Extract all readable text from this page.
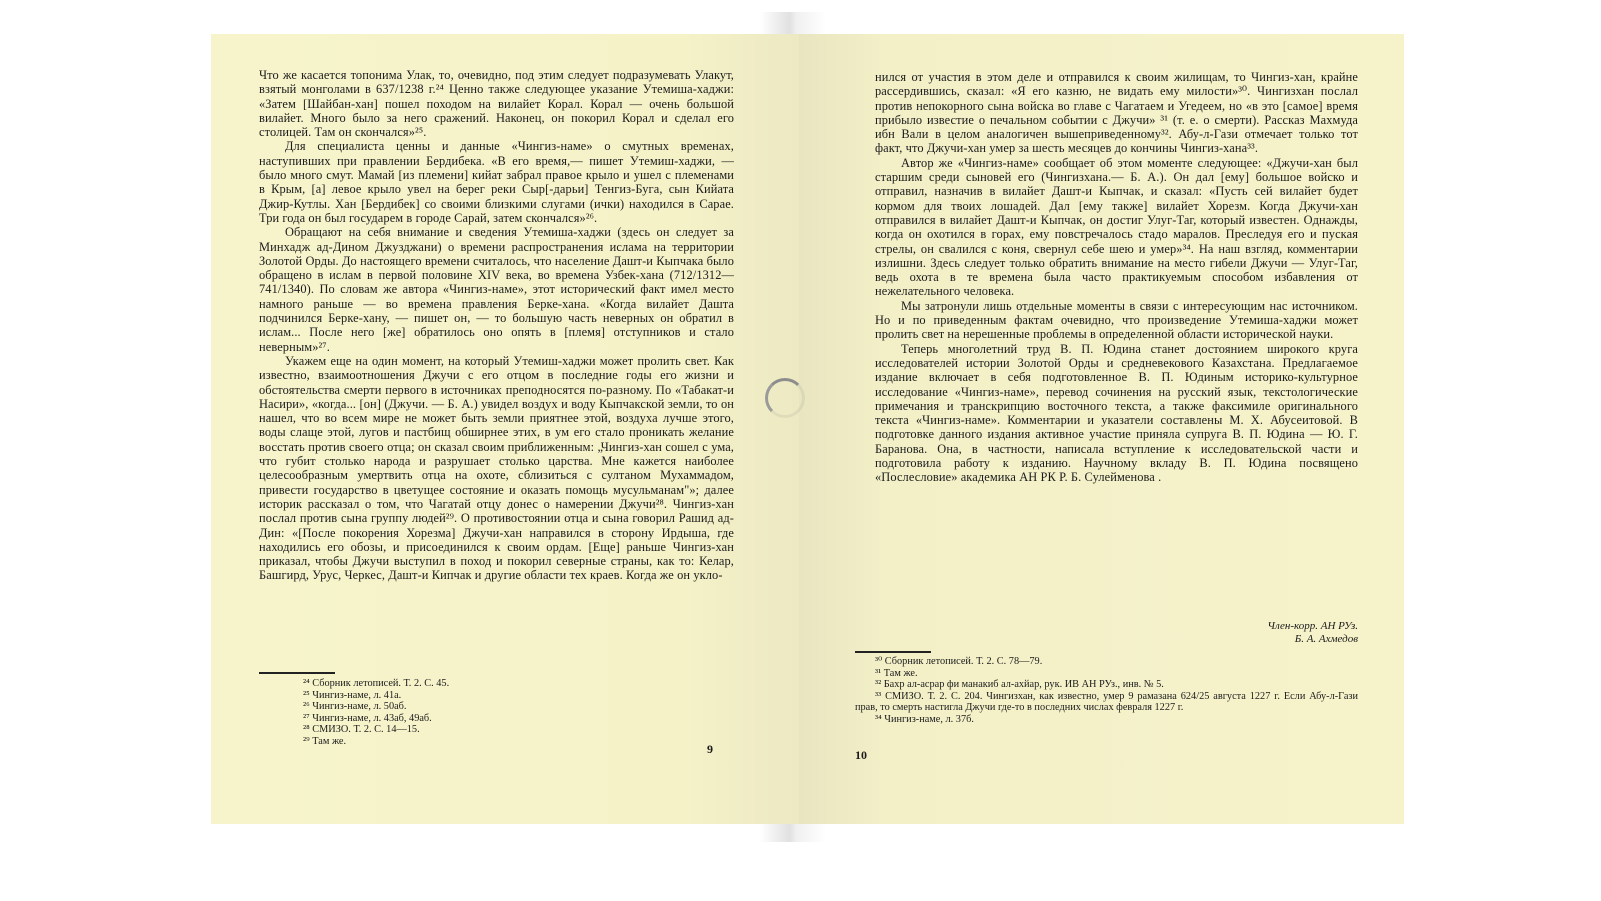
Что же касается топонима Улак, то, очевидно, под этим следует подразумевать Улакут, взятый монголами в 637/1238 г.²⁴ Ценно также следующее указание Утемиша-хаджи: «Затем [Шайбан-хан] пошел походом на вилайет Корал. Корал — очень большой вилайет. Много было за него сражений. Наконец, он покорил Корал и сделал его столицей. Там он скончался»²⁵.

Для специалиста ценны и данные «Чингиз-наме» о смутных временах, наступивших при правлении Бердибека. «В его время,— пишет Утемиш-хаджи, — было много смут. Мамай [из племени] кийат забрал правое крыло и ушел с племенами в Крым, [а] левое крыло увел на берег реки Сыр[-дарьи] Тенгиз-Буга, сын Кийата Джир-Кутлы. Хан [Бердибек] со своими близкими слугами (ички) находился в Сарае. Три года он был государем в городе Сарай, затем скончался»²⁶.

Обращают на себя внимание и сведения Утемиша-хаджи (здесь он следует за Минхадж ад-Дином Джузджани) о времени распространения ислама на территории Золотой Орды. До настоящего времени считалось, что население Дашт-и Кыпчака было обращено в ислам в первой половине XIV века, во времена Узбек-хана (712/1312—741/1340). По словам же автора «Чингиз-наме», этот исторический факт имел место намного раньше — во времена правления Берке-хана. «Когда вилайет Дашта подчинился Берке-хану, — пишет он, — то большую часть неверных он обратил в ислам... После него [же] обратилось оно опять в [племя] отступников и стало неверным»²⁷.

Укажем еще на один момент, на который Утемиш-хаджи может пролить свет. Как известно, взаимоотношения Джучи с его отцом в последние годы его жизни и обстоятельства смерти первого в источниках преподносятся по-разному. По «Табакат-и Насири», «когда... [он] (Джучи. — Б. А.) увидел воздух и воду Кыпчакской земли, то он нашел, что во всем мире не может быть земли приятнее этой, воздуха лучше этого, воды слаще этой, лугов и пастбищ обширнее этих, в ум его стало проникать желание восстать против своего отца; он сказал своим приближенным: „Чингиз-хан сошел с ума, что губит столько народа и разрушает столько царства. Мне кажется наиболее целесообразным умертвить отца на охоте, сблизиться с султаном Мухаммадом, привести государство в цветущее состояние и оказать помощь мусульманам"»; далее историк рассказал о том, что Чагатай отцу донес о намерении Джучи²⁸. Чингиз-хан послал против сына группу людей²⁹. О противостоянии отца и сына говорил Рашид ад-Дин: «[После покорения Хорезма] Джучи-хан направился в сторону Ирдыша, где находились его обозы, и присоединился к своим ордам. [Еще] раньше Чингиз-хан приказал, чтобы Джучи выступил в поход и покорил северные страны, как то: Келар, Башгирд, Урус, Черкес, Дашт-и Кипчак и другие области тех краев. Когда же он укло-

²⁴ Сборник летописей. Т. 2. С. 45.

²⁵ Чингиз-наме, л. 41а.

²⁶ Чингиз-наме, л. 50аб.

²⁷ Чингиз-наме, л. 43аб, 49аб.

²⁸ СМИЗО. Т. 2. С. 14—15.

²⁹ Там же.

9

нился от участия в этом деле и отправился к своим жилищам, то Чингиз-хан, крайне рассердившись, сказал: «Я его казню, не видать ему милости»³⁰. Чингизхан послал против непокорного сына войска во главе с Чагатаем и Угедеем, но «в это [самое] время прибыло известие о печальном событии с Джучи» ³¹ (т. е. о смерти). Рассказ Махмуда ибн Вали в целом аналогичен вышеприведенному³². Абу-л-Гази отмечает только тот факт, что Джучи-хан умер за шесть месяцев до кончины Чингиз-хана³³.

Автор же «Чингиз-наме» сообщает об этом моменте следующее: «Джучи-хан был старшим среди сыновей его (Чингизхана.— Б. А.). Он дал [ему] большое войско и отправил, назначив в вилайет Дашт-и Кыпчак, и сказал: «Пусть сей вилайет будет кормом для твоих лошадей. Дал [ему также] вилайет Хорезм. Когда Джучи-хан отправился в вилайет Дашт-и Кыпчак, он достиг Улуг-Таг, который известен. Однажды, когда он охотился в горах, ему повстречалось стадо маралов. Преследуя его и пуская стрелы, он свалился с коня, свернул себе шею и умер»³⁴. На наш взгляд, комментарии излишни. Здесь следует только обратить внимание на место гибели Джучи — Улуг-Таг, ведь охота в те времена была часто практикуемым способом избавления от нежелательного человека.

Мы затронули лишь отдельные моменты в связи с интересующим нас источником. Но и по приведенным фактам очевидно, что произведение Утемиша-хаджи может пролить свет на нерешенные проблемы в определенной области исторической науки.

Теперь многолетний труд В. П. Юдина станет достоянием широкого круга исследователей истории Золотой Орды и средневекового Казахстана. Предлагаемое издание включает в себя подготовленное В. П. Юдиным историко-культурное исследование «Чингиз-наме», перевод сочинения на русский язык, текстологические примечания и транскрипцию восточного текста, а также факсимиле оригинального текста «Чингиз-наме». Комментарии и указатели составлены М. Х. Абусеитовой. В подготовке данного издания активное участие приняла супруга В. П. Юдина — Ю. Г. Баранова. Она, в частности, написала вступление к исследовательской части и подготовила работу к изданию. Научному вкладу В. П. Юдина посвящено «Послесловие» академика АН РК Р. Б. Сулейменова .

Член-корр. АН РУз.
Б. А. Ахмедов

³⁰ Сборник летописей. Т. 2. С. 78—79.

³¹ Там же.

³² Бахр ал-асрар фи манакиб ал-ахйар, рук. ИВ АН РУз., инв. № 5.

³³ СМИЗО. Т. 2. С. 204. Чингизхан, как известно, умер 9 рамазана 624/25 августа 1227 г. Если Абу-л-Гази прав, то смерть настигла Джучи где-то в последних числах февраля 1227 г.

³⁴ Чингиз-наме, л. 37б.

10
